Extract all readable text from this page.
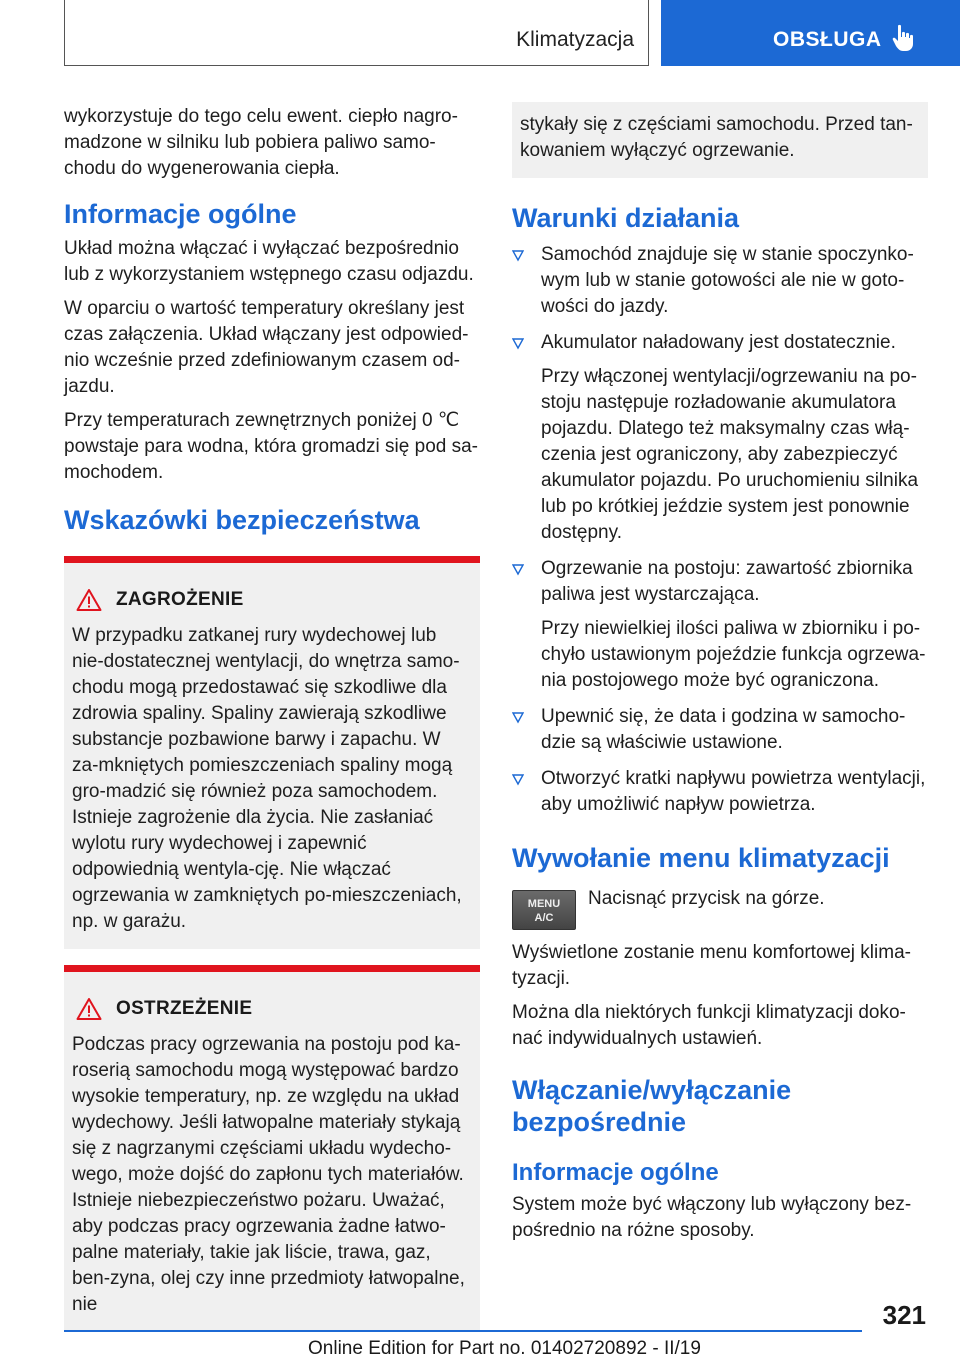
Klimatyzacja	OBSŁUGA

wykorzystuje do tego celu ewent. ciepło nagro-madzone w silniku lub pobiera paliwo samo-chodu do wygenerowania ciepła.

Informacje ogólne

Układ można włączać i wyłączać bezpośrednio lub z wykorzystaniem wstępnego czasu odjazdu.

W oparciu o wartość temperatury określany jest czas załączenia. Układ włączany jest odpowied-nio wcześnie przed zdefiniowanym czasem od-jazdu.

Przy temperaturach zewnętrznych poniżej 0 ℃ powstaje para wodna, która gromadzi się pod sa-mochodem.

Wskazówki bezpieczeństwa
ZAGROŻENIE

W przypadku zatkanej rury wydechowej lub nie-dostatecznej wentylacji, do wnętrza samo-chodu mogą przedostawać się szkodliwe dla zdrowia spaliny. Spaliny zawierają szkodliwe substancje pozbawione barwy i zapachu. W za-mkniętych pomieszczeniach spaliny mogą gro-madzić się również poza samochodem. Istnieje zagrożenie dla życia. Nie zasłaniać wylotu rury wydechowej i zapewnić odpowiednią wentyla-cję. Nie włączać ogrzewania w zamkniętych po-mieszczeniach, np. w garażu.

OSTRZEŻENIE

Podczas pracy ogrzewania na postoju pod ka-roserią samochodu mogą występować bardzo wysokie temperatury, np. ze względu na układ wydechowy. Jeśli łatwopalne materiały stykają się z nagrzanymi częściami układu wydecho-wego, może dojść do zapłonu tych materiałów. Istnieje niebezpieczeństwo pożaru. Uważać, aby podczas pracy ogrzewania żadne łatwo-palne materiały, takie jak liście, trawa, gaz, ben-zyna, olej czy inne przedmioty łatwopalne, nie

stykały się z częściami samochodu. Przed tan-kowaniem wyłączyć ogrzewanie.

Warunki działania
Samochód znajduje się w stanie spoczynko-wym lub w stanie gotowości ale nie w goto-wości do jazdy.
Akumulator naładowany jest dostatecznie.
Przy włączonej wentylacji/ogrzewaniu na po-stoju następuje rozładowanie akumulatora pojazdu. Dlatego też maksymalny czas włą-czenia jest ograniczony, aby zabezpieczyć akumulator pojazdu. Po uruchomieniu silnika lub po krótkiej jeździe system jest ponownie dostępny.
Ogrzewanie na postoju: zawartość zbiornika paliwa jest wystarczająca.
Przy niewielkiej ilości paliwa w zbiorniku i po-chyło ustawionym pojeździe funkcja ogrzewa-nia postojowego może być ograniczona.
Upewnić się, że data i godzina w samocho-dzie są właściwie ustawione.
Otworzyć kratki napływu powietrza wentylacji, aby umożliwić napływ powietrza.
Wywołanie menu klimatyzacji
MENU
A/C

Nacisnąć przycisk na górze.

Wyświetlone zostanie menu komfortowej klima-tyzacji.

Można dla niektórych funkcji klimatyzacji doko-nać indywidualnych ustawień.

Włączanie/wyłączanie bezpośrednie
Informacje ogólne

System może być włączony lub wyłączony bez-pośrednio na różne sposoby.

321
Online Edition for Part no. 01402720892 - II/19
